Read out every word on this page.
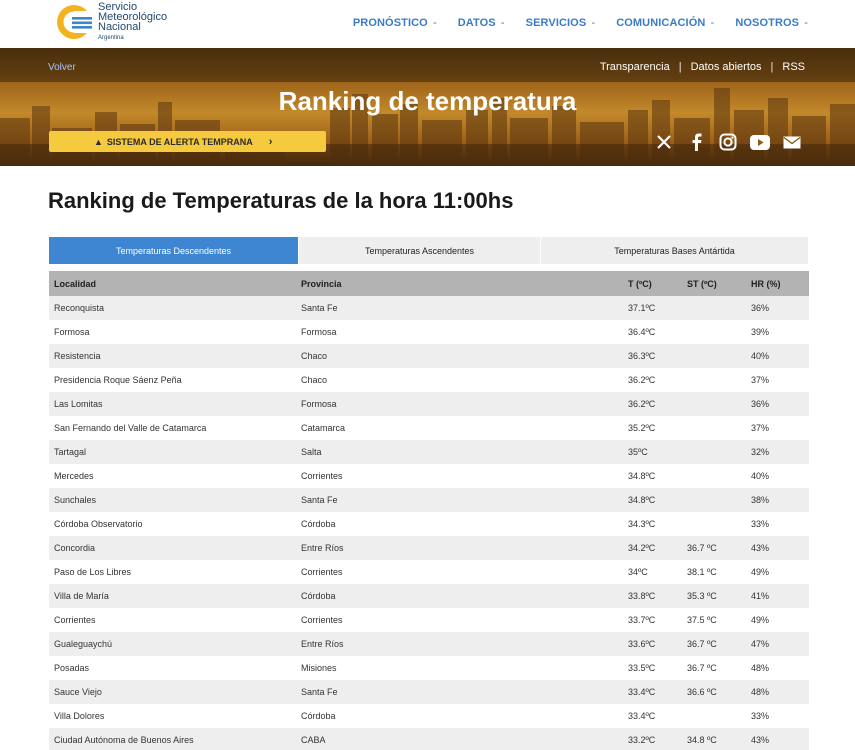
Servicio
Meteorológico
Nacional
Argentina
PRONÓSTICO - DATOS - SERVICIOS - COMUNICACIÓN - NOSOTROS -
Volver	Transparencia | Datos abiertos | RSS
Ranking de temperatura
▲ SISTEMA DE ALERTA TEMPRANA ›
Ranking de Temperaturas de la hora 11:00hs
Temperaturas Descendentes	Temperaturas Ascendentes	Temperaturas Bases Antártida
Localidad	Provincia	T (ºC)	ST (ºC)	HR (%)
Reconquista	Santa Fe	37.1ºC		36%
Formosa	Formosa	36.4ºC		39%
Resistencia	Chaco	36.3ºC		40%
Presidencia Roque Sáenz Peña	Chaco	36.2ºC		37%
Las Lomitas	Formosa	36.2ºC		36%
San Fernando del Valle de Catamarca	Catamarca	35.2ºC		37%
Tartagal	Salta	35ºC		32%
Mercedes	Corrientes	34.8ºC		40%
Sunchales	Santa Fe	34.8ºC		38%
Córdoba Observatorio	Córdoba	34.3ºC		33%
Concordia	Entre Ríos	34.2ºC	36.7 ºC	43%
Paso de Los Libres	Corrientes	34ºC	38.1 ºC	49%
Villa de María	Córdoba	33.8ºC	35.3 ºC	41%
Corrientes	Corrientes	33.7ºC	37.5 ºC	49%
Gualeguaychú	Entre Ríos	33.6ºC	36.7 ºC	47%
Posadas	Misiones	33.5ºC	36.7 ºC	48%
Sauce Viejo	Santa Fe	33.4ºC	36.6 ºC	48%
Villa Dolores	Córdoba	33.4ºC		33%
Ciudad Autónoma de Buenos Aires	CABA	33.2ºC	34.8 ºC	43%
